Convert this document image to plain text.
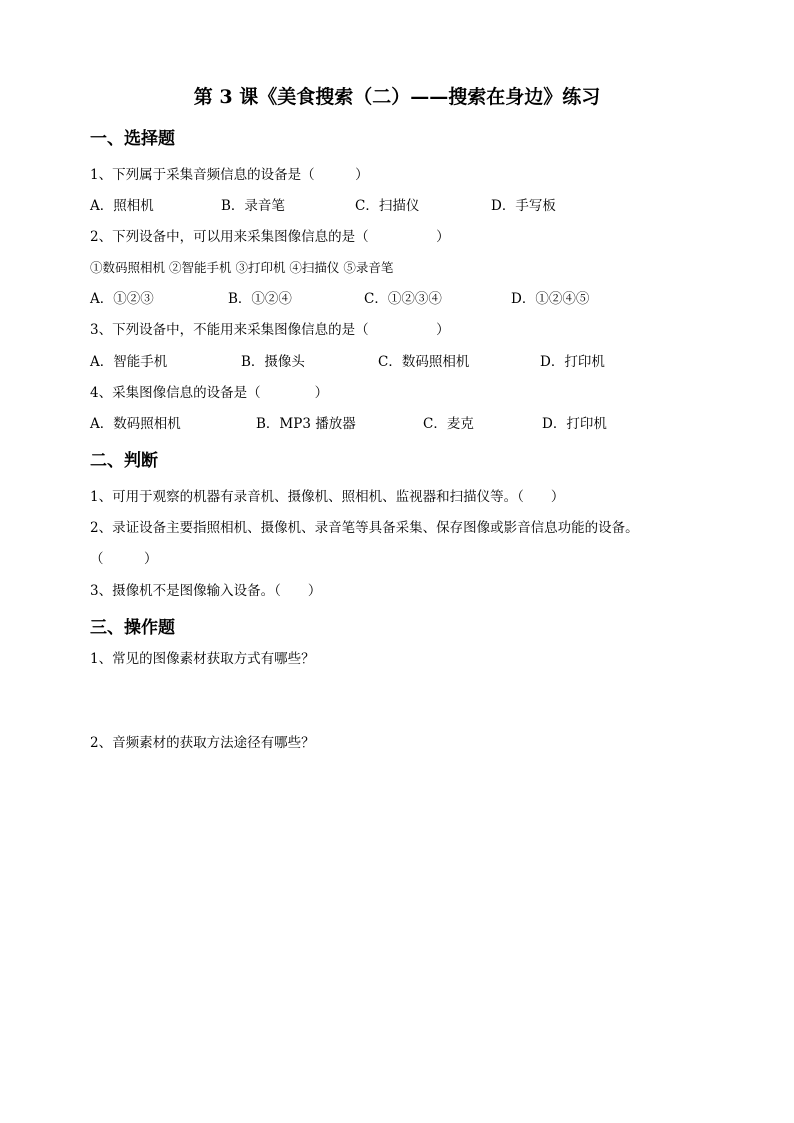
第 3 课《美食搜索（二）——搜索在身边》练习
一、选择题
1、下列属于采集音频信息的设备是（　　　）
A．照相机	B．录音笔	C．扫描仪	D．手写板
2、下列设备中，可以用来采集图像信息的是（　　　　　）
①数码照相机 ②智能手机 ③打印机 ④扫描仪 ⑤录音笔
A．①②③	B．①②④	C．①②③④	D．①②④⑤
3、下列设备中，不能用来采集图像信息的是（　　　　　）
A．智能手机	B．摄像头	C．数码照相机	D．打印机
4、采集图像信息的设备是（　　　　）
A．数码照相机	B．MP3 播放器	C．麦克	D．打印机
二、判断
1、可用于观察的机器有录音机、摄像机、照相机、监视器和扫描仪等。（　　）
2、录证设备主要指照相机、摄像机、录音笔等具备采集、保存图像或影音信息功能的设备。
（　　　）
3、摄像机不是图像输入设备。（　　）
三、操作题
1、常见的图像素材获取方式有哪些？
2、音频素材的获取方法途径有哪些？
